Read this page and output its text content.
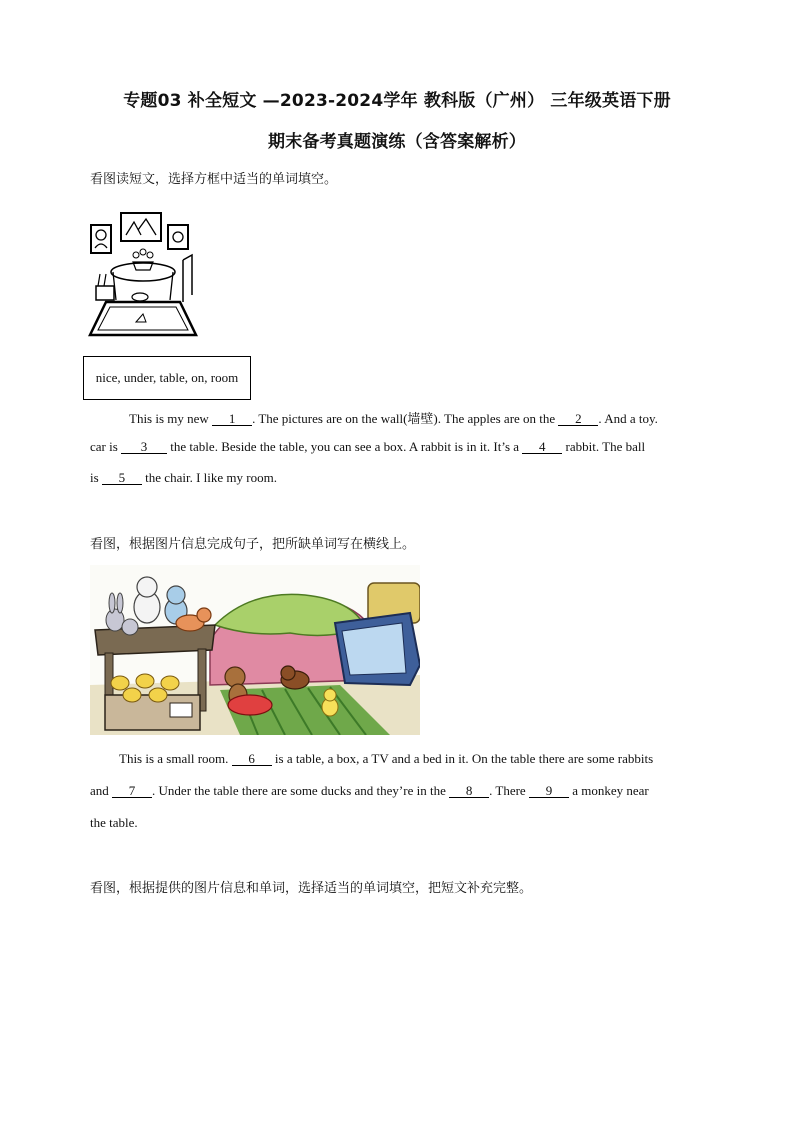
专题03 补全短文 —2023-2024学年 教科版（广州） 三年级英语下册
期末备考真题演练（含答案解析）
看图读短文，选择方框中适当的单词填空。
nice, under, table, on, room
This is my new 1 . The pictures are on the wall(墙壁). The apples are on the 2 . And a toy.
car is 3 the table. Beside the table, you can see a box. A rabbit is in it. It’s a 4 rabbit. The ball
is 5 the chair. I like my room.
看图，根据图片信息完成句子，把所缺单词写在横线上。
This is a small room. 6 is a table, a box, a TV and a bed in it. On the table there are some rabbits
and 7 . Under the table there are some ducks and they’re in the 8 . There 9 a monkey near
the table.
看图，根据提供的图片信息和单词，选择适当的单词填空，把短文补充完整。
